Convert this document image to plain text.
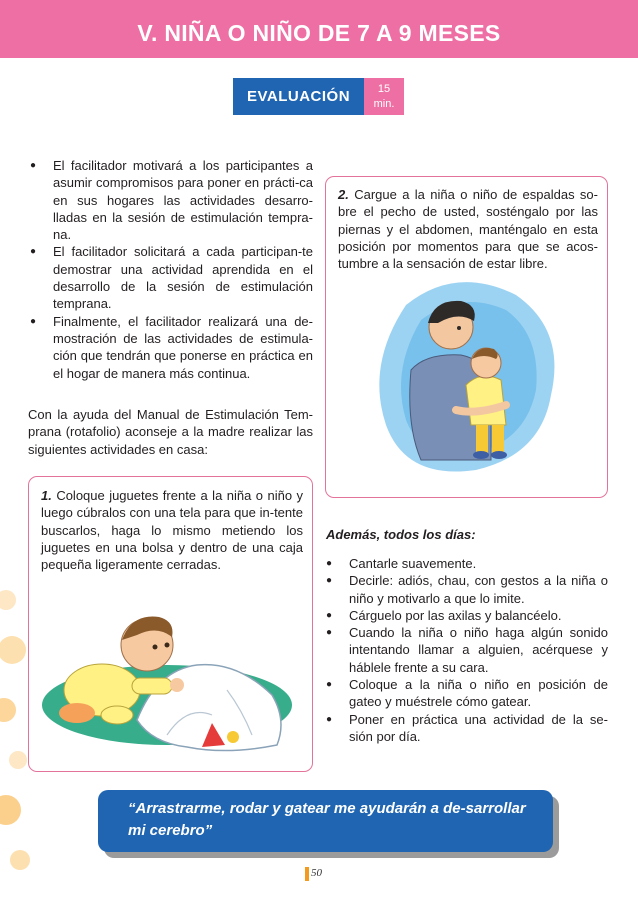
V. NIÑA O NIÑO DE 7 A 9 MESES
EVALUACIÓN	15
min.
● El facilitador motivará a los participantes a asumir compromisos para poner en prácti-ca en sus hogares las actividades desarro-lladas en la sesión de estimulación tempra-na.
● El facilitador solicitará a cada participan-te demostrar una actividad aprendida en el desarrollo de la sesión de estimulación temprana.
● Finalmente, el facilitador realizará una de-mostración de las actividades de estimula-ción que tendrán que ponerse en práctica en el hogar de manera más continua.

Con la ayuda del Manual de Estimulación Tem-prana (rotafolio) aconseje a la madre realizar las siguientes actividades en casa:

1. Coloque juguetes frente a la niña o niño y luego cúbralos con una tela para que in-tente buscarlos, haga lo mismo metiendo los juguetes en una bolsa y dentro de una caja pequeña ligeramente cerradas.
2. Cargue a la niña o niño de espaldas so-bre el pecho de usted, sosténgalo por las piernas y el abdomen, manténgalo en esta posición por momentos para que se acos-tumbre a la sensación de estar libre.
Además, todos los días:
● Cantarle suavemente.
● Decirle: adiós, chau, con gestos a la niña o niño y motivarlo a que lo imite.
● Cárguelo por las axilas y balancéelo.
● Cuando la niña o niño haga algún sonido intentando llamar a alguien, acérquese y háblele frente a su cara.
● Coloque a la niña o niño en posición de gateo y muéstrele cómo gatear.
● Poner en práctica una actividad de la se-sión por día.
“Arrastrarme, rodar y gatear me ayudarán a de-sarrollar mi cerebro”
50
